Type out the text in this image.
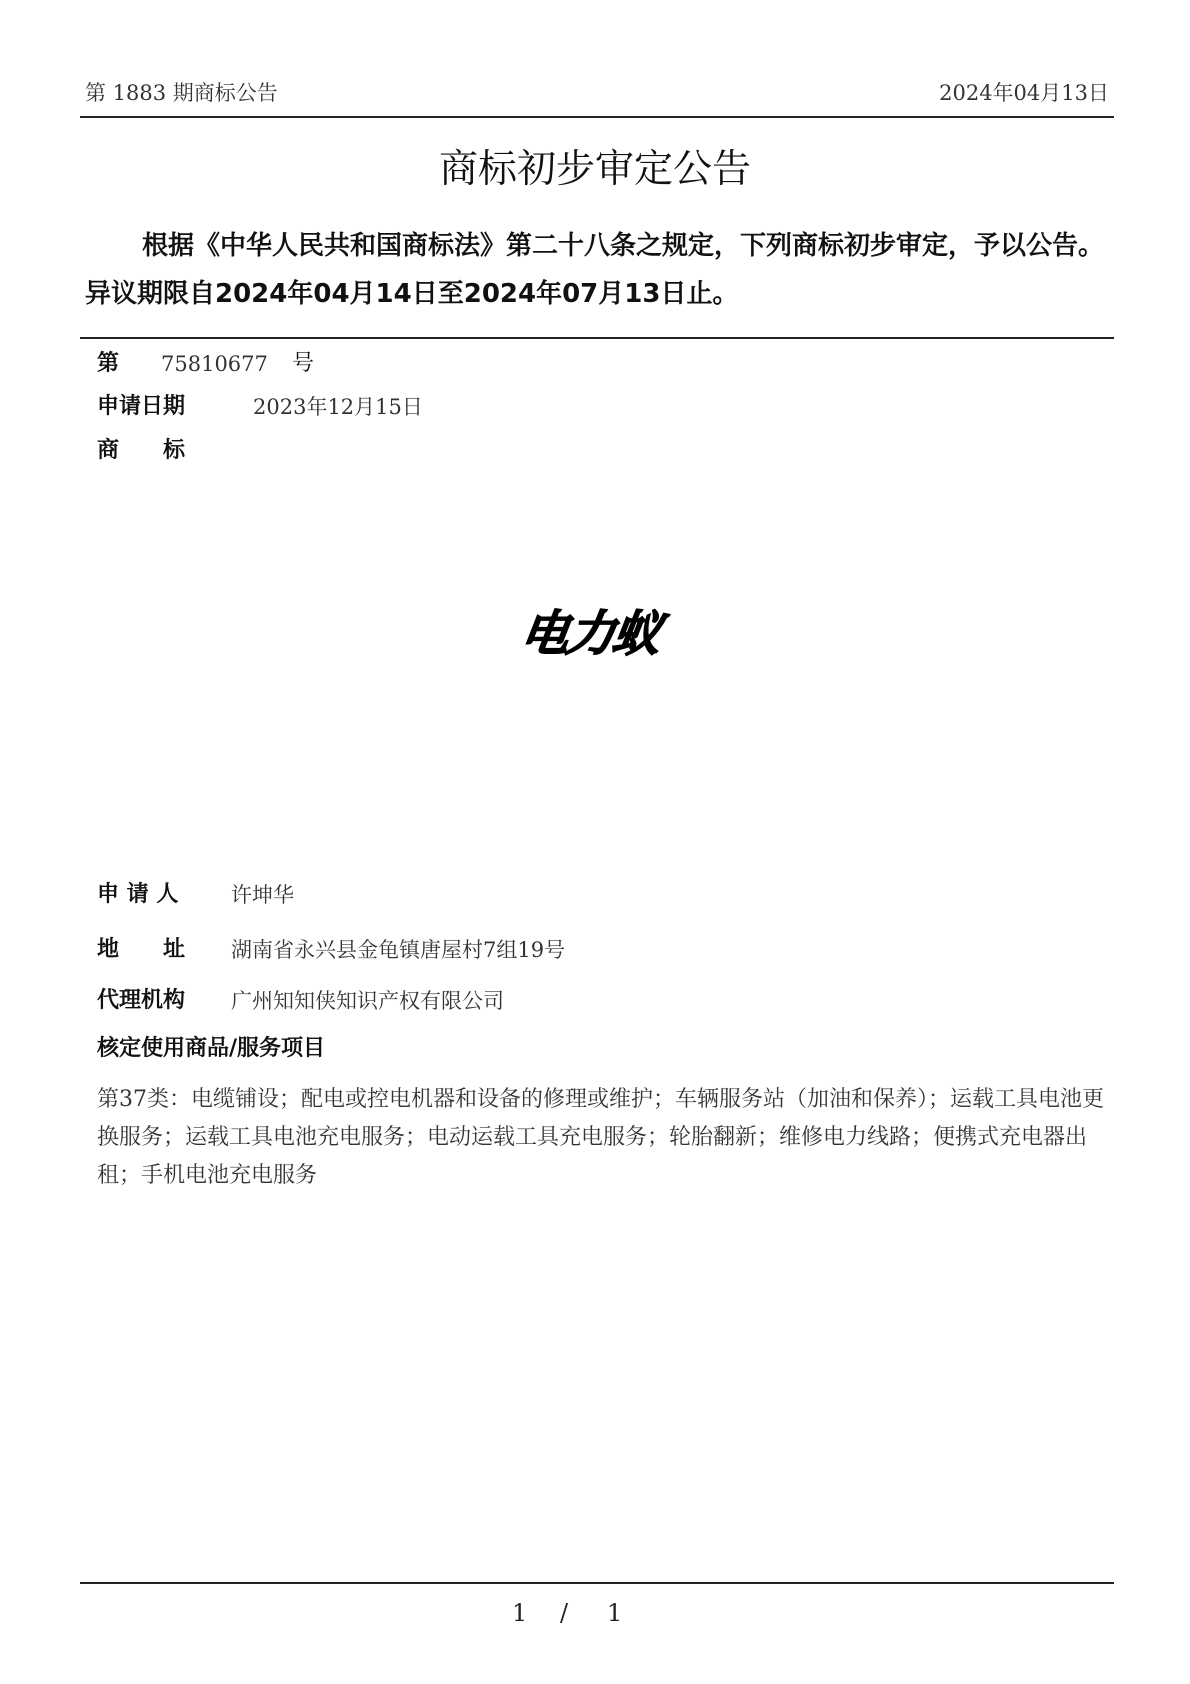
第 1883 期商标公告	2024年04月13日
商标初步审定公告
根据《中华人民共和国商标法》第二十八条之规定，下列商标初步审定，予以公告。异议期限自2024年04月14日至2024年07月13日止。
第 75810677 号
申请日期	2023年12月15日
商　　标
电力蚁
申 请 人	许坤华
地　　址 湖南省永兴县金龟镇唐屋村7组19号
代理机构 广州知知侠知识产权有限公司
核定使用商品/服务项目
第37类：电缆铺设；配电或控电机器和设备的修理或维护；车辆服务站（加油和保养）；运载工具电池更换服务；运载工具电池充电服务；电动运载工具充电服务；轮胎翻新；维修电力线路；便携式充电器出租；手机电池充电服务
1 / 1
